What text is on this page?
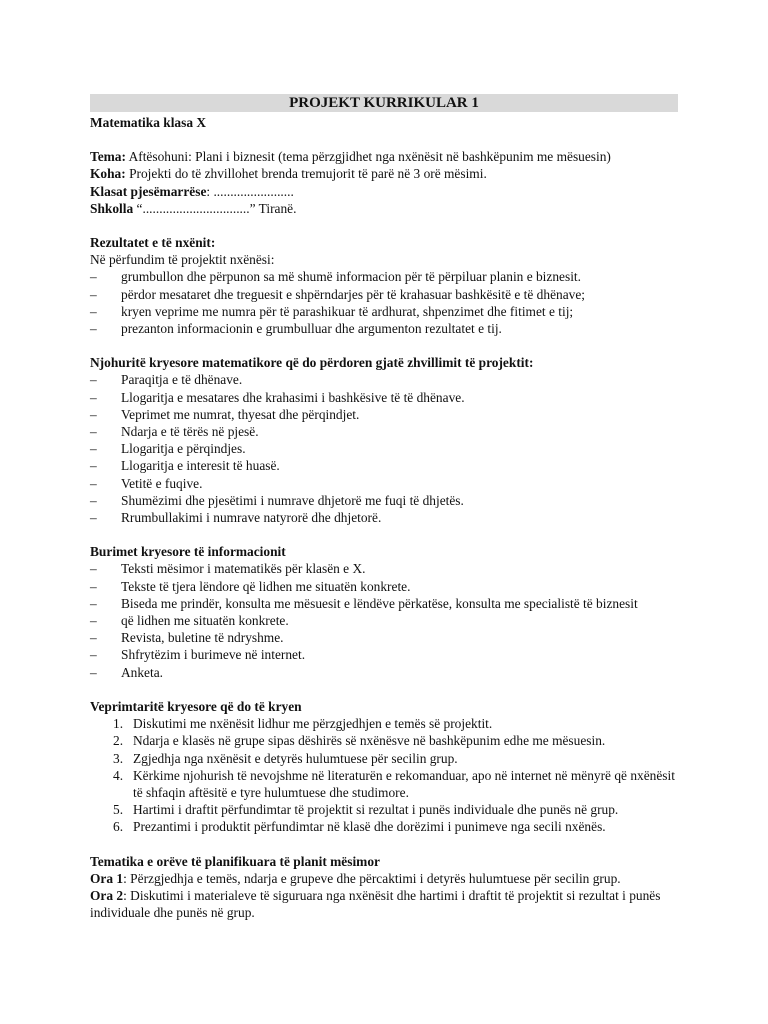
PROJEKT KURRIKULAR 1
Matematika klasa X
Tema: Aftësohuni: Plani i biznesit (tema përzgjidhet nga nxënësit në bashkëpunim me mësuesin)
Koha: Projekti do të zhvillohet brenda tremujorit të parë në 3 orë mësimi.
Klasat pjesëmarrëse: ........................
Shkolla “................................” Tiranë.
Rezultatet e të nxënit:
Në përfundim të projektit nxënësi:
– grumbullon dhe përpunon sa më shumë informacion për të përpiluar planin e biznesit.
– përdor mesataret dhe treguesit e shpërndarjes për të krahasuar bashkësitë e të dhënave;
– kryen veprime me numra për të parashikuar të ardhurat, shpenzimet dhe fitimet e tij;
– prezanton informacionin e grumbulluar dhe argumenton rezultatet e tij.
Njohuritë kryesore matematikore që do përdoren gjatë zhvillimit të projektit:
– Paraqitja e të dhënave.
– Llogaritja e mesatares dhe krahasimi i bashkësive të të dhënave.
– Veprimet me numrat, thyesat dhe përqindjet.
– Ndarja e të tërës në pjesë.
– Llogaritja e përqindjes.
– Llogaritja e interesit të huasë.
– Vetitë e fuqive.
– Shumëzimi dhe pjesëtimi i numrave dhjetorë me fuqi të dhjetës.
– Rrumbullakimi i numrave natyrorë dhe dhjetorë.
Burimet kryesore të informacionit
– Teksti mësimor i matematikës për klasën e X.
– Tekste të tjera lëndore që lidhen me situatën konkrete.
– Biseda me prindër, konsulta me mësuesit e lëndëve përkatëse, konsulta me specialistë të biznesit
– që lidhen me situatën konkrete.
– Revista, buletine të ndryshme.
– Shfrytëzim i burimeve në internet.
– Anketa.
Veprimtaritë kryesore që do të kryen
1. Diskutimi me nxënësit lidhur me përzgjedhjen e temës së projektit.
2. Ndarja e klasës në grupe sipas dëshirës së nxënësve në bashkëpunim edhe me mësuesin.
3. Zgjedhja nga nxënësit e detyrës hulumtuese për secilin grup.
4. Kërkime njohurish të nevojshme në literaturën e rekomanduar, apo në internet në mënyrë që nxënësit të shfaqin aftësitë e tyre hulumtuese dhe studimore.
5. Hartimi i draftit përfundimtar të projektit si rezultat i punës individuale dhe punës në grup.
6. Prezantimi i produktit përfundimtar në klasë dhe dorëzimi i punimeve nga secili nxënës.
Tematika e orëve të planifikuara të planit mësimor
Ora 1: Përzgjedhja e temës, ndarja e grupeve dhe përcaktimi i detyrës hulumtuese për secilin grup.
Ora 2: Diskutimi i materialeve të siguruara nga nxënësit dhe hartimi i draftit të projektit si rezultat i punës individuale dhe punës në grup.
